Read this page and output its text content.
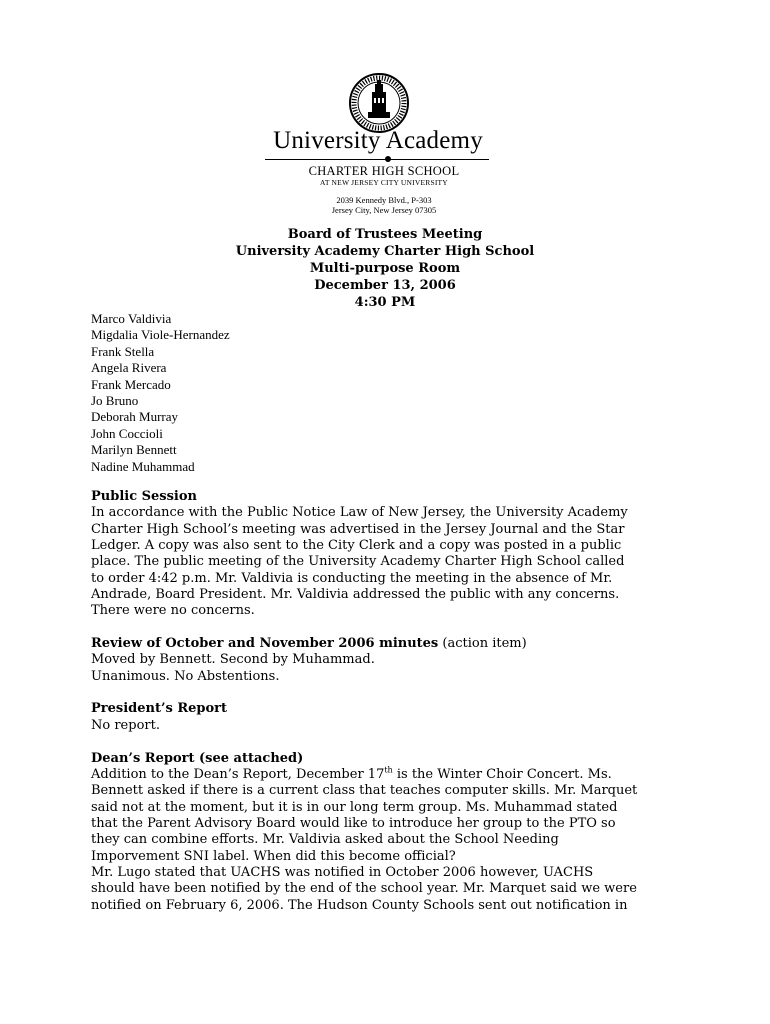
University Academy
CHARTER HIGH SCHOOL
AT NEW JERSEY CITY UNIVERSITY
2039 Kennedy Blvd., P-303
Jersey City, New Jersey 07305
Board of Trustees Meeting
University Academy Charter High School
Multi-purpose Room
December 13, 2006
4:30 PM
Marco Valdivia
Migdalia Viole-Hernandez
Frank Stella
Angela Rivera
Frank Mercado
Jo Bruno
Deborah Murray
John Coccioli
Marilyn Bennett
Nadine Muhammad
Public Session
In accordance with the Public Notice Law of New Jersey, the University Academy
Charter High School’s meeting was advertised in the Jersey Journal and the Star
Ledger. A copy was also sent to the City Clerk and a copy was posted in a public
place. The public meeting of the University Academy Charter High School called
to order 4:42 p.m. Mr. Valdivia is conducting the meeting in the absence of Mr.
Andrade, Board President. Mr. Valdivia addressed the public with any concerns.
There were no concerns.
Review of October and November 2006 minutes (action item)
Moved by Bennett. Second by Muhammad.
Unanimous. No Abstentions.
President’s Report
No report.
Dean’s Report (see attached)
Addition to the Dean’s Report, December 17th is the Winter Choir Concert. Ms.
Bennett asked if there is a current class that teaches computer skills. Mr. Marquet
said not at the moment, but it is in our long term group. Ms. Muhammad stated
that the Parent Advisory Board would like to introduce her group to the PTO so
they can combine efforts. Mr. Valdivia asked about the School Needing
Imporvement SNI label. When did this become official?
Mr. Lugo stated that UACHS was notified in October 2006 however, UACHS
should have been notified by the end of the school year. Mr. Marquet said we were
notified on February 6, 2006. The Hudson County Schools sent out notification in
